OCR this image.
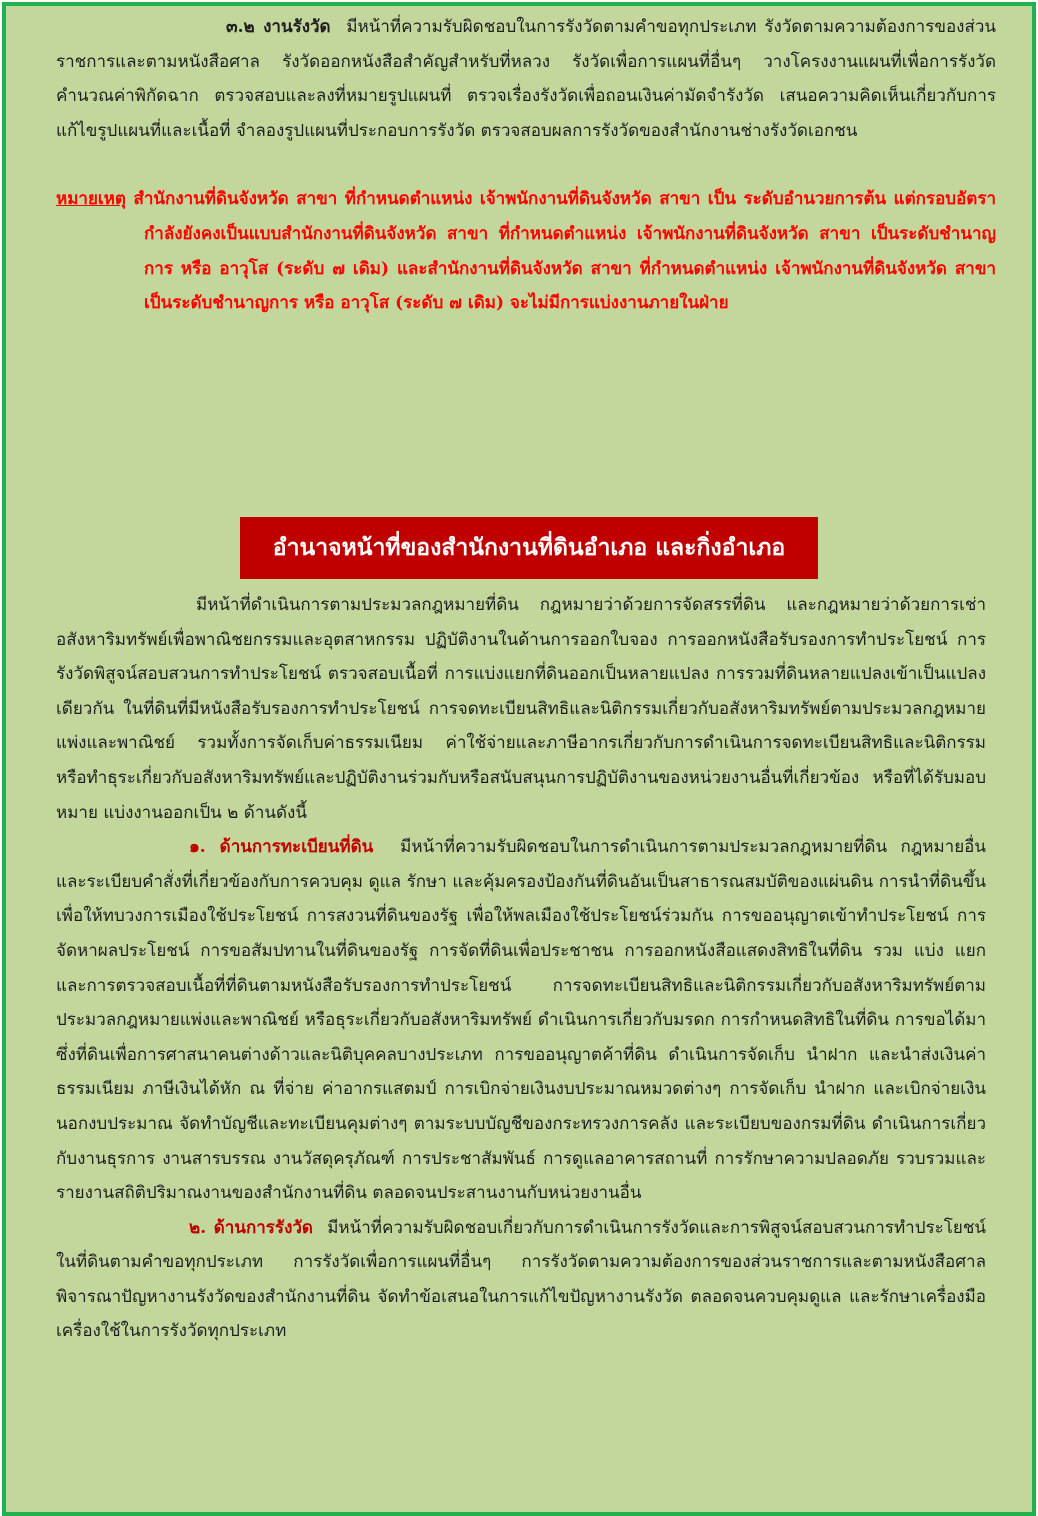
๓.๒ งานรังวัด มีหน้าที่ความรับผิดชอบในการรังวัดตามคำขอทุกประเภท รังวัดตามความต้องการของส่วนราชการและตามหนังสือศาล รังวัดออกหนังสือสำคัญสำหรับที่หลวง รังวัดเพื่อการแผนที่อื่นๆ วางโครงงานแผนที่เพื่อการรังวัด คำนวณค่าพิกัดฉาก ตรวจสอบและลงที่หมายรูปแผนที่ ตรวจเรื่องรังวัดเพื่อถอนเงินค่ามัดจำรังวัด เสนอความคิดเห็นเกี่ยวกับการแก้ไขรูปแผนที่และเนื้อที่ จำลองรูปแผนที่ประกอบการรังวัด ตรวจสอบผลการรังวัดของสำนักงานช่างรังวัดเอกชน

หมายเหตุ สำนักงานที่ดินจังหวัด สาขา ที่กำหนดตำแหน่ง เจ้าพนักงานที่ดินจังหวัด สาขา เป็น ระดับอำนวยการต้น แต่กรอบอัตรากำลังยังคงเป็นแบบสำนักงานที่ดินจังหวัด สาขา ที่กำหนดตำแหน่ง เจ้าพนักงานที่ดินจังหวัด สาขา เป็นระดับชำนาญการ หรือ อาวุโส (ระดับ ๗ เดิม) และสำนักงานที่ดินจังหวัด สาขา ที่กำหนดตำแหน่ง เจ้าพนักงานที่ดินจังหวัด สาขา เป็นระดับชำนาญการ หรือ อาวุโส (ระดับ ๗ เดิม) จะไม่มีการแบ่งงานภายในฝ่าย

อำนาจหน้าที่ของสำนักงานที่ดินอำเภอ และกิ่งอำเภอ

มีหน้าที่ดำเนินการตามประมวลกฎหมายที่ดิน กฎหมายว่าด้วยการจัดสรรที่ดิน และกฎหมายว่าด้วยการเช่าอสังหาริมทรัพย์เพื่อพาณิชยกรรมและอุตสาหกรรม ปฏิบัติงานในด้านการออกใบจอง การออกหนังสือรับรองการทำประโยชน์ การรังวัดพิสูจน์สอบสวนการทำประโยชน์ ตรวจสอบเนื้อที่ การแบ่งแยกที่ดินออกเป็นหลายแปลง การรวมที่ดินหลายแปลงเข้าเป็นแปลงเดียวกัน ในที่ดินที่มีหนังสือรับรองการทำประโยชน์ การจดทะเบียนสิทธิและนิติกรรมเกี่ยวกับอสังหาริมทรัพย์ตามประมวลกฎหมายแพ่งและพาณิชย์ รวมทั้งการจัดเก็บค่าธรรมเนียม ค่าใช้จ่ายและภาษีอากรเกี่ยวกับการดำเนินการจดทะเบียนสิทธิและนิติกรรม หรือทำธุระเกี่ยวกับอสังหาริมทรัพย์และปฏิบัติงานร่วมกับหรือสนับสนุนการปฏิบัติงานของหน่วยงานอื่นที่เกี่ยวข้อง หรือที่ได้รับมอบหมาย แบ่งงานออกเป็น ๒ ด้านดังนี้

๑. ด้านการทะเบียนที่ดิน มีหน้าที่ความรับผิดชอบในการดำเนินการตามประมวลกฎหมายที่ดิน กฎหมายอื่น และระเบียบคำสั่งที่เกี่ยวข้องกับการควบคุม ดูแล รักษา และคุ้มครองป้องกันที่ดินอันเป็นสาธารณสมบัติของแผ่นดิน การนำที่ดินขึ้นเพื่อให้ทบวงการเมืองใช้ประโยชน์ การสงวนที่ดินของรัฐ เพื่อให้พลเมืองใช้ประโยชน์ร่วมกัน การขออนุญาตเข้าทำประโยชน์ การจัดหาผลประโยชน์ การขอสัมปทานในที่ดินของรัฐ การจัดที่ดินเพื่อประชาชน การออกหนังสือแสดงสิทธิในที่ดิน รวม แบ่ง แยก และการตรวจสอบเนื้อที่ที่ดินตามหนังสือรับรองการทำประโยชน์ การจดทะเบียนสิทธิและนิติกรรมเกี่ยวกับอสังหาริมทรัพย์ตามประมวลกฎหมายแพ่งและพาณิชย์ หรือธุระเกี่ยวกับอสังหาริมทรัพย์ ดำเนินการเกี่ยวกับมรดก การกำหนดสิทธิในที่ดิน การขอได้มาซึ่งที่ดินเพื่อการศาสนาคนต่างด้าวและนิติบุคคลบางประเภท การขออนุญาตค้าที่ดิน ดำเนินการจัดเก็บ นำฝาก และนำส่งเงินค่าธรรมเนียม ภาษีเงินได้หัก ณ ที่จ่าย ค่าอากรแสตมป์ การเบิกจ่ายเงินงบประมาณหมวดต่างๆ การจัดเก็บ นำฝาก และเบิกจ่ายเงินนอกงบประมาณ จัดทำบัญชีและทะเบียนคุมต่างๆ ตามระบบบัญชีของกระทรวงการคลัง และระเบียบของกรมที่ดิน ดำเนินการเกี่ยวกับงานธุรการ งานสารบรรณ งานวัสดุครุภัณฑ์ การประชาสัมพันธ์ การดูแลอาคารสถานที่ การรักษาความปลอดภัย รวบรวมและรายงานสถิติปริมาณงานของสำนักงานที่ดิน ตลอดจนประสานงานกับหน่วยงานอื่น

๒. ด้านการรังวัด มีหน้าที่ความรับผิดชอบเกี่ยวกับการดำเนินการรังวัดและการพิสูจน์สอบสวนการทำประโยชน์ในที่ดินตามคำขอทุกประเภท การรังวัดเพื่อการแผนที่อื่นๆ การรังวัดตามความต้องการของส่วนราชการและตามหนังสือศาล พิจารณาปัญหางานรังวัดของสำนักงานที่ดิน จัดทำข้อเสนอในการแก้ไขปัญหางานรังวัด ตลอดจนควบคุมดูแล และรักษาเครื่องมือเครื่องใช้ในการรังวัดทุกประเภท
